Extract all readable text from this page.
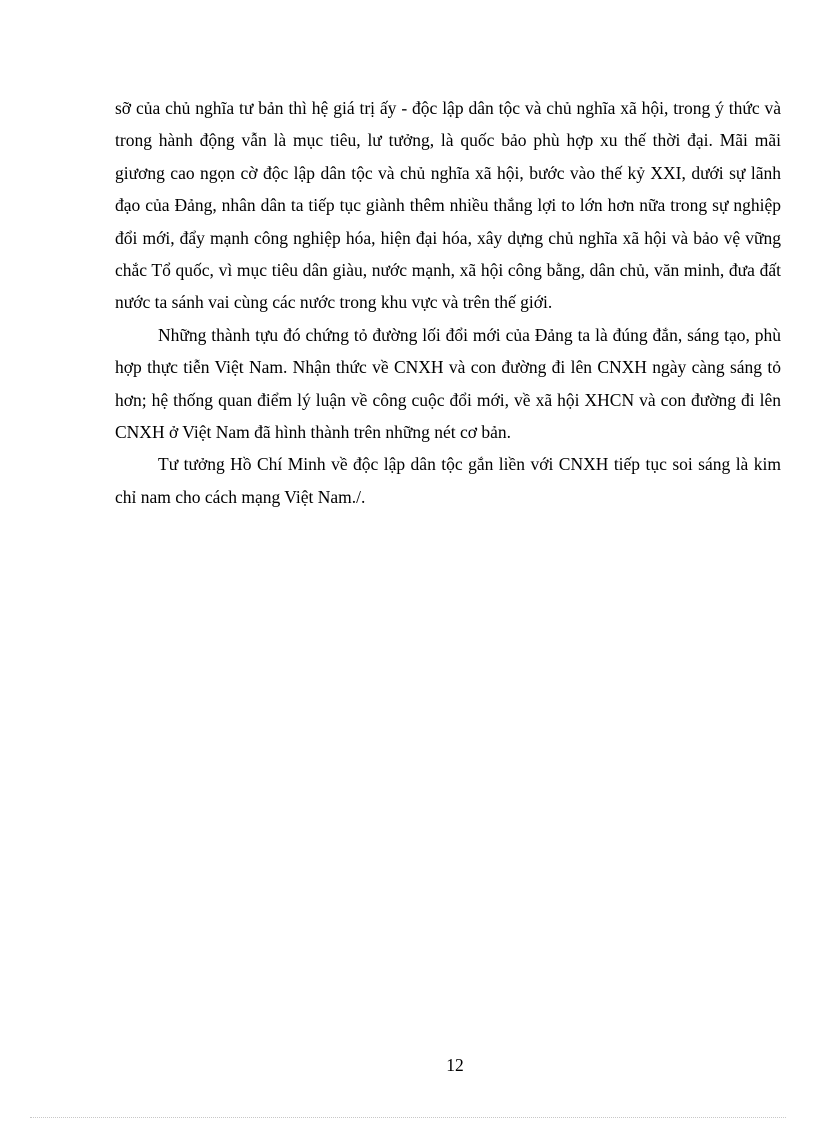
sỡ của chủ nghĩa tư bản thì hệ giá trị ấy - độc lập dân tộc và chủ nghĩa xã hội, trong ý thức và trong hành động vẫn là mục tiêu, lư tưởng, là quốc bảo phù hợp xu thế thời đại. Mãi mãi giương cao ngọn cờ độc lập dân tộc và chủ nghĩa xã hội, bước vào thế kỷ XXI, dưới sự lãnh đạo của Đảng, nhân dân ta tiếp tục giành thêm nhiều thắng lợi to lớn hơn nữa trong sự nghiệp đổi mới, đẩy mạnh công nghiệp hóa, hiện đại hóa, xây dựng chủ nghĩa xã hội và bảo vệ vững chắc Tổ quốc, vì mục tiêu dân giàu, nước mạnh, xã hội công bằng, dân chủ, văn minh, đưa đất nước ta sánh vai cùng các nước trong khu vực và trên thế giới.

Những thành tựu đó chứng tỏ đường lối đổi mới của Đảng ta là đúng đắn, sáng tạo, phù hợp thực tiễn Việt Nam. Nhận thức về CNXH và con đường đi lên CNXH ngày càng sáng tỏ hơn; hệ thống quan điểm lý luận về công cuộc đổi mới, về xã hội XHCN và con đường đi lên CNXH ở Việt Nam đã hình thành trên những nét cơ bản.

Tư tưởng Hồ Chí Minh về độc lập dân tộc gắn liền với CNXH tiếp tục soi sáng là kim chỉ nam cho cách mạng Việt Nam./.

12
